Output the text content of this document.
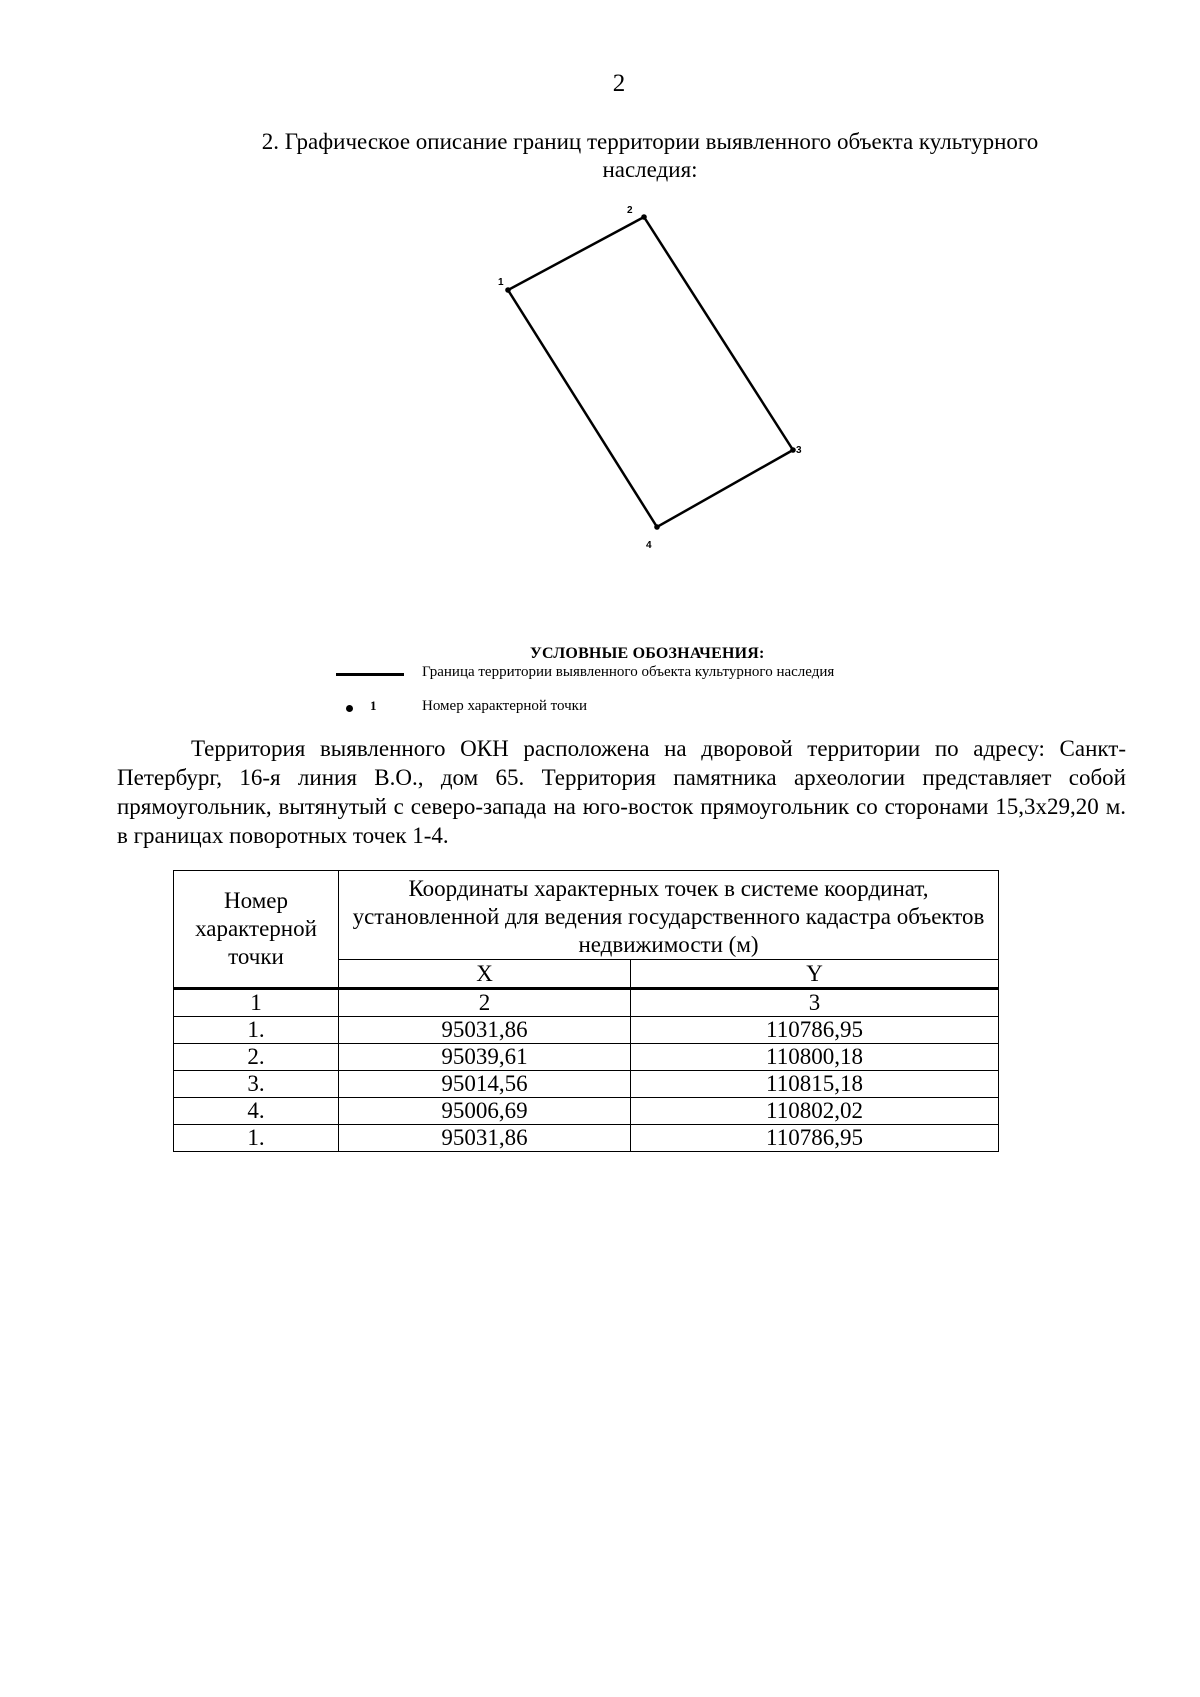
2
2. Графическое описание границ территории выявленного объекта культурного наследия:
1
2
3
4
УСЛОВНЫЕ ОБОЗНАЧЕНИЯ:
Граница территории выявленного объекта культурного наследия
1	Номер характерной точки
Территория выявленного ОКН расположена на дворовой территории по адресу: Санкт-Петербург, 16-я линия В.О., дом 65. Территория памятника археологии представляет собой прямоугольник, вытянутый с северо-запада на юго-восток прямоугольник со сторонами 15,3х29,20 м. в границах поворотных точек 1-4.
Номер характерной точки	Координаты характерных точек в системе координат, установленной для ведения государственного кадастра объектов недвижимости (м)	
	X	Y
1	2	3
1.	95031,86	110786,95
2.	95039,61	110800,18
3.	95014,56	110815,18
4.	95006,69	110802,02
1.	95031,86	110786,95
